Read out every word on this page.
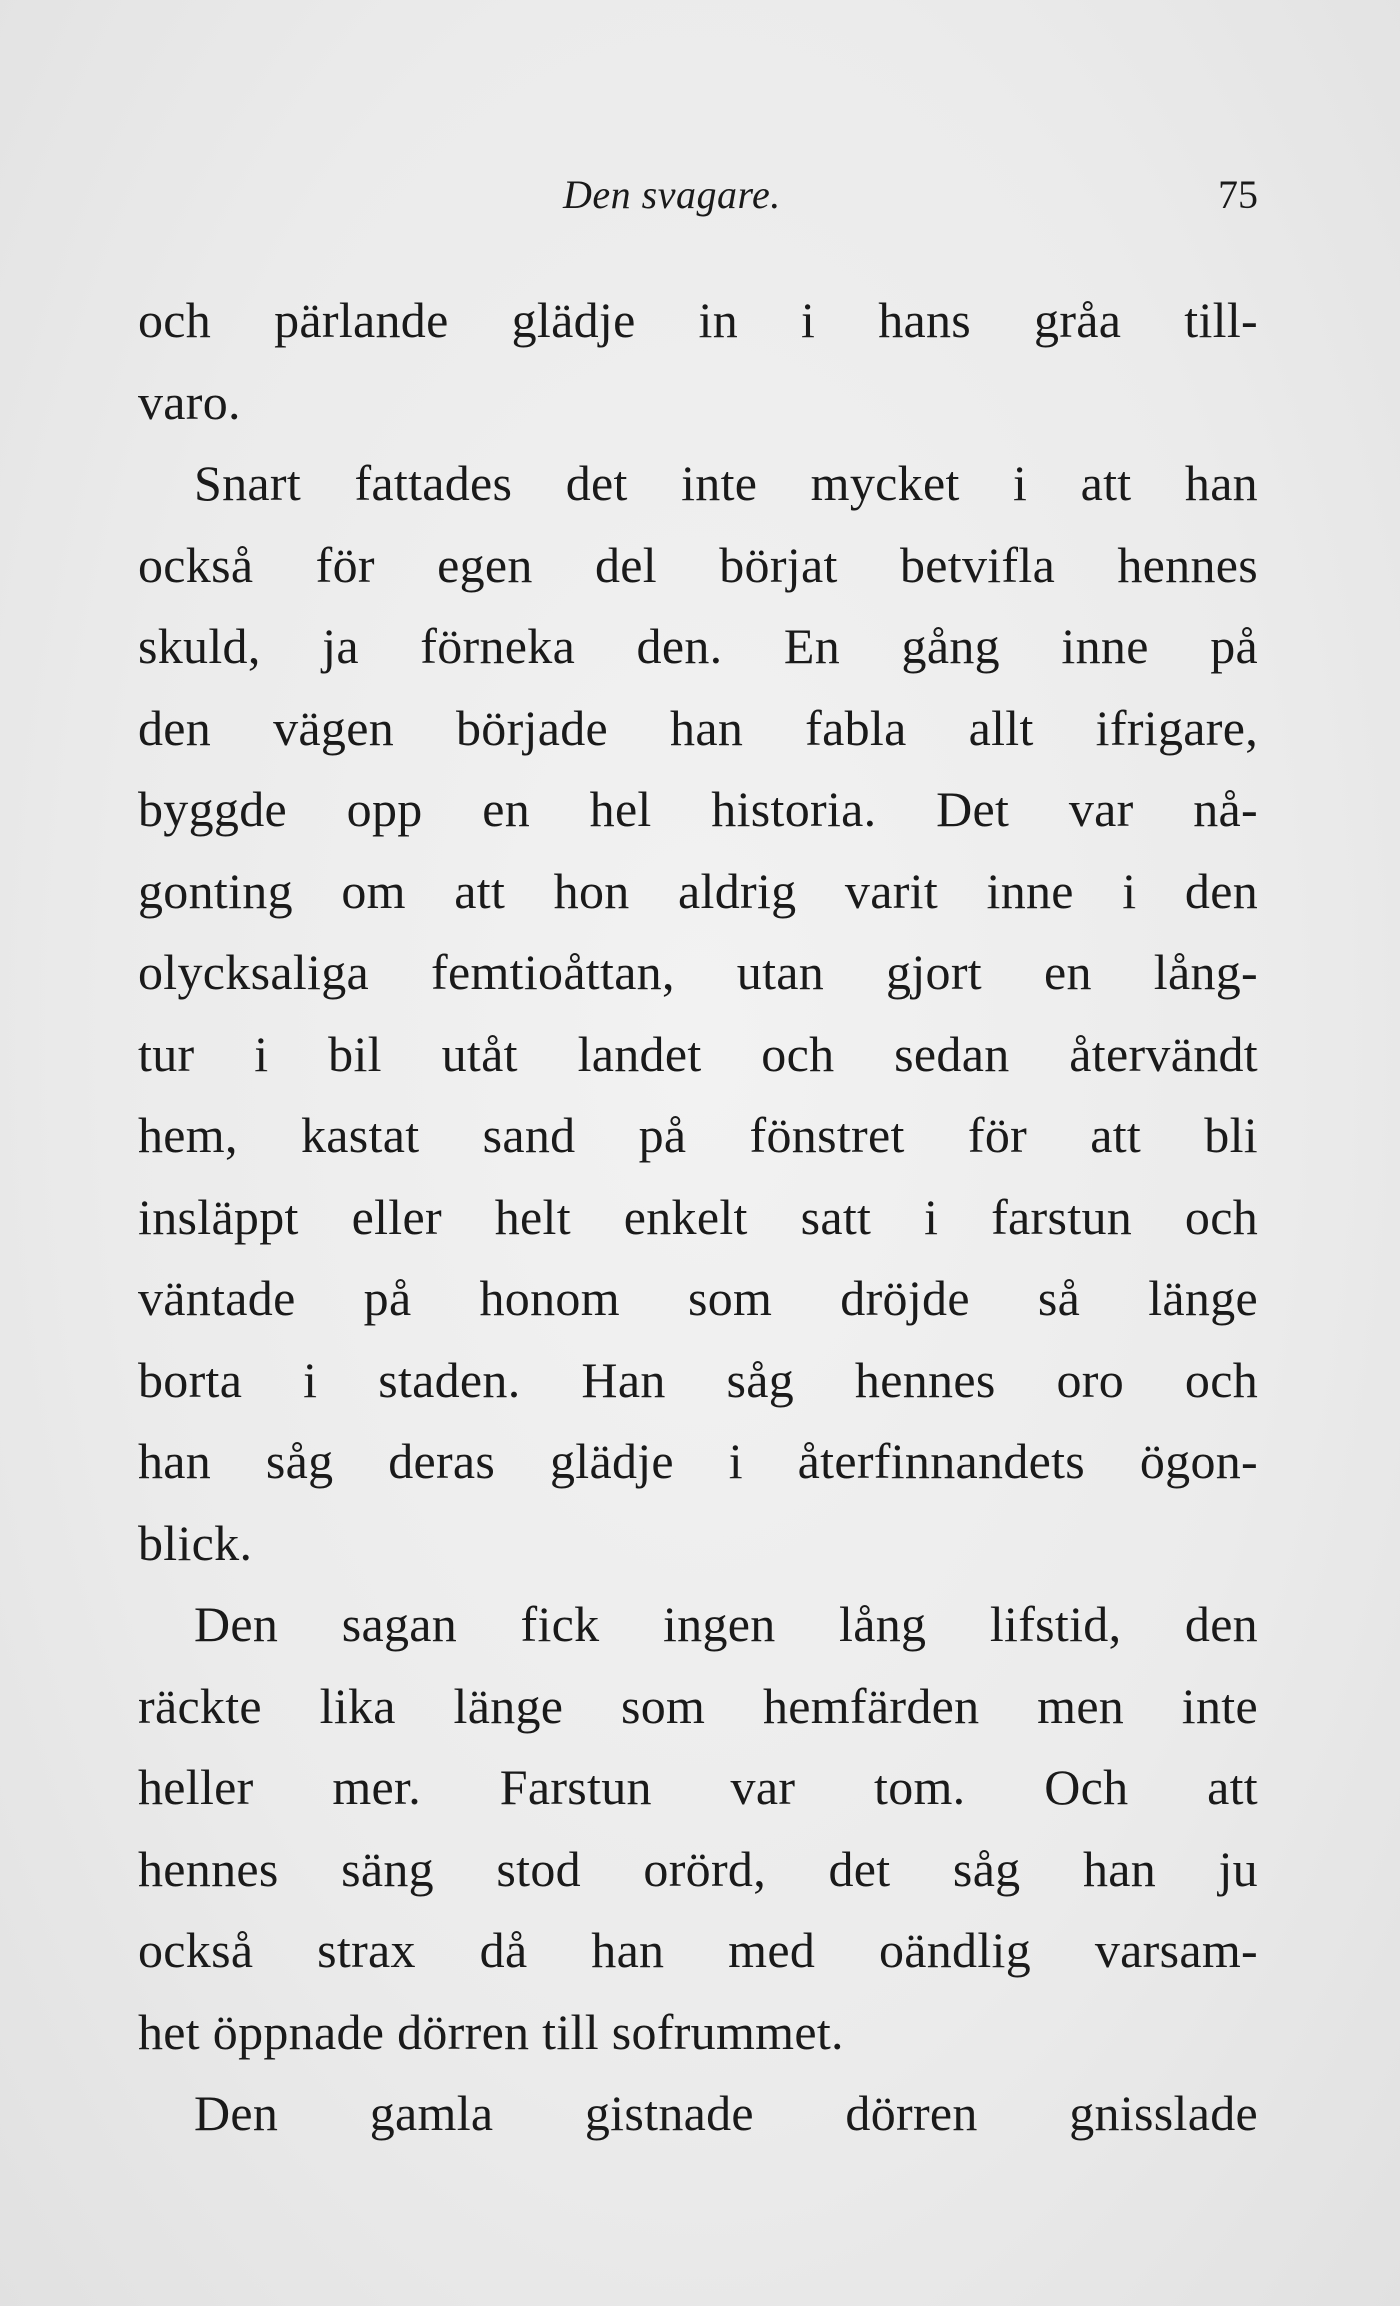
Den svagare.	75
och pärlande glädje in i hans gråa till-
varo.
Snart fattades det inte mycket i att han
också för egen del börjat betvifla hennes
skuld, ja förneka den. En gång inne på
den vägen började han fabla allt ifrigare,
byggde opp en hel historia. Det var nå-
gonting om att hon aldrig varit inne i den
olycksaliga femtioåttan, utan gjort en lång-
tur i bil utåt landet och sedan återvändt
hem, kastat sand på fönstret för att bli
insläppt eller helt enkelt satt i farstun och
väntade på honom som dröjde så länge
borta i staden. Han såg hennes oro och
han såg deras glädje i återfinnandets ögon-
blick.
Den sagan fick ingen lång lifstid, den
räckte lika länge som hemfärden men inte
heller mer. Farstun var tom. Och att
hennes säng stod orörd, det såg han ju
också strax då han med oändlig varsam-
het öppnade dörren till sofrummet.
Den gamla gistnade dörren gnisslade
